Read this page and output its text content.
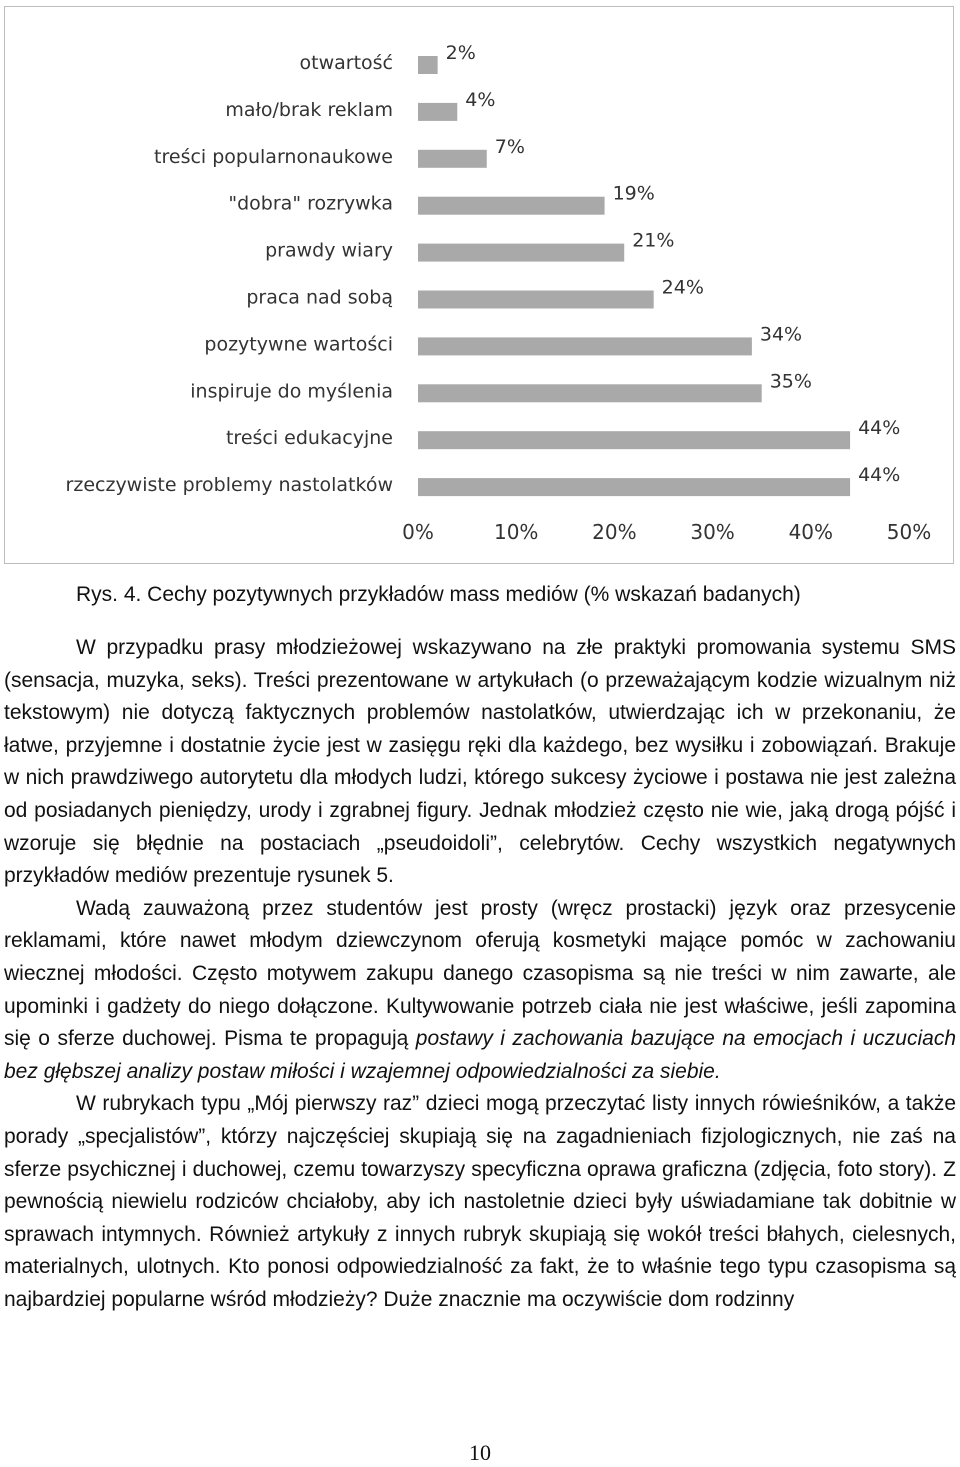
otwartość	2%
mało/brak reklam	4%
treści popularnonaukowe	7%
"dobra" rozrywka	19%
prawdy wiary	21%
praca nad sobą	24%
pozytywne wartości	34%
inspiruje do myślenia	35%
treści edukacyjne	44%
rzeczywiste problemy nastolatków	44%
0%	10%	20%	30%	40%	50%
Rys. 4. Cechy pozytywnych przykładów mass mediów (% wskazań badanych)

W przypadku prasy młodzieżowej wskazywano na złe praktyki promowania systemu SMS (sensacja, muzyka, seks). Treści prezentowane w artykułach (o przeważającym kodzie wizualnym niż tekstowym) nie dotyczą faktycznych problemów nastolatków, utwierdzając ich w przekonaniu, że łatwe, przyjemne i dostatnie życie jest w zasięgu ręki dla każdego, bez wysiłku i zobowiązań. Brakuje w nich prawdziwego autorytetu dla młodych ludzi, którego sukcesy życiowe i postawa nie jest zależna od posiadanych pieniędzy, urody i zgrabnej figury. Jednak młodzież często nie wie, jaką drogą pójść i wzoruje się błędnie na postaciach „pseudoidoli”, celebrytów. Cechy wszystkich negatywnych przykładów mediów prezentuje rysunek 5.

Wadą zauważoną przez studentów jest prosty (wręcz prostacki) język oraz przesycenie reklamami, które nawet młodym dziewczynom oferują kosmetyki mające pomóc w zachowaniu wiecznej młodości. Często motywem zakupu danego czasopisma są nie treści w nim zawarte, ale upominki i gadżety do niego dołączone. Kultywowanie potrzeb ciała nie jest właściwe, jeśli zapomina się o sferze duchowej. Pisma te propagują postawy i zachowania bazujące na emocjach i uczuciach bez głębszej analizy postaw miłości i wzajemnej odpowiedzialności za siebie.

W rubrykach typu „Mój pierwszy raz” dzieci mogą przeczytać listy innych rówieśników, a także porady „specjalistów”, którzy najczęściej skupiają się na zagadnieniach fizjologicznych, nie zaś na sferze psychicznej i duchowej, czemu towarzyszy specyficzna oprawa graficzna (zdjęcia, foto story). Z pewnością niewielu rodziców chciałoby, aby ich nastoletnie dzieci były uświadamiane tak dobitnie w sprawach intymnych. Również artykuły z innych rubryk skupiają się wokół treści błahych, cielesnych, materialnych, ulotnych. Kto ponosi odpowiedzialność za fakt, że to właśnie tego typu czasopisma są najbardziej popularne wśród młodzieży? Duże znacznie ma oczywiście dom rodzinny

10
